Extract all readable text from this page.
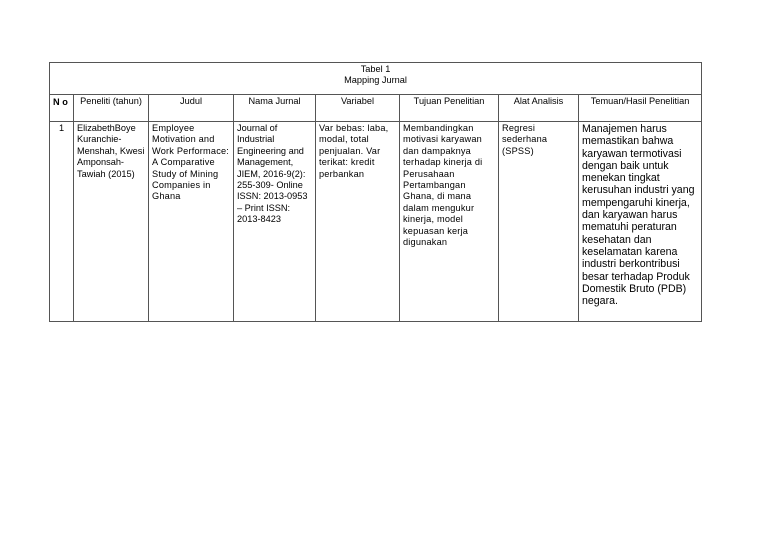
Tabel 1
Mapping Jurnal							

N o	Peneliti (tahun)	Judul	Nama Jurnal	Variabel	Tujuan Penelitian	Alat Analisis	Temuan/Hasil Penelitian
1	ElizabethBoye Kuranchie-Menshah, Kwesi Amponsah-Tawiah (2015)	Employee Motivation and Work Performace: A Comparative Study of Mining Companies in Ghana	Journal of Industrial Engineering and Management, JIEM, 2016-9(2): 255-309- Online ISSN: 2013-0953 – Print ISSN: 2013-8423	Var bebas: laba, modal, total penjualan. Var terikat: kredit perbankan	Membandingkan motivasi karyawan dan dampaknya terhadap kinerja di Perusahaan Pertambangan Ghana, di mana dalam mengukur kinerja, model kepuasan kerja digunakan	Regresi sederhana (SPSS)	Manajemen harus memastikan bahwa karyawan termotivasi dengan baik untuk menekan tingkat kerusuhan industri yang mempengaruhi kinerja, dan karyawan harus mematuhi peraturan kesehatan dan keselamatan karena industri berkontribusi besar terhadap Produk Domestik Bruto (PDB) negara.
